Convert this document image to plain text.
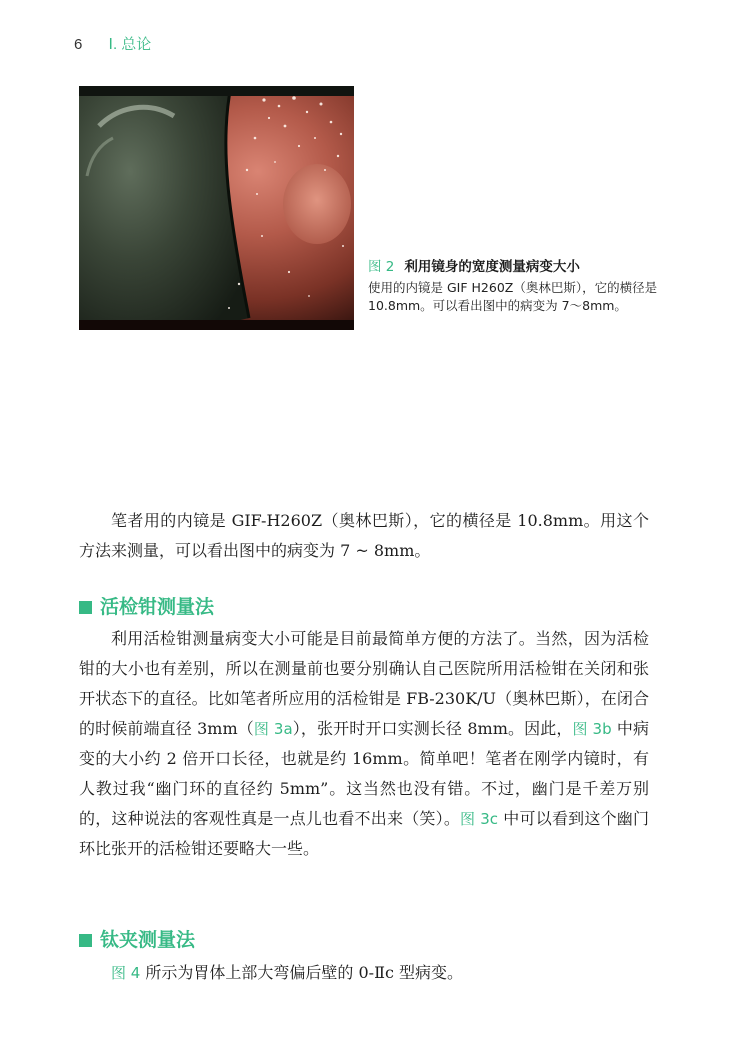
6 Ⅰ. 总论

图 2 利用镜身的宽度测量病变大小

使用的内镜是 GIF H260Z（奥林巴斯），它的横径是 10.8mm。可以看出图中的病变为 7～8mm。

笔者用的内镜是 GIF-H260Z（奥林巴斯），它的横径是 10.8mm。用这个方法来测量，可以看出图中的病变为 7 ~ 8mm。

活检钳测量法

利用活检钳测量病变大小可能是目前最简单方便的方法了。当然，因为活检钳的大小也有差别，所以在测量前也要分别确认自己医院所用活检钳在关闭和张开状态下的直径。比如笔者所应用的活检钳是 FB-230K/U（奥林巴斯），在闭合的时候前端直径 3mm（图 3a），张开时开口实测长径 8mm。因此，图 3b 中病变的大小约 2 倍开口长径，也就是约 16mm。简单吧！笔者在刚学内镜时，有人教过我“幽门环的直径约 5mm”。这当然也没有错。不过，幽门是千差万别的，这种说法的客观性真是一点儿也看不出来（笑）。图 3c 中可以看到这个幽门环比张开的活检钳还要略大一些。

钛夹测量法

图 4 所示为胃体上部大弯偏后壁的 0-Ⅱc 型病变。
